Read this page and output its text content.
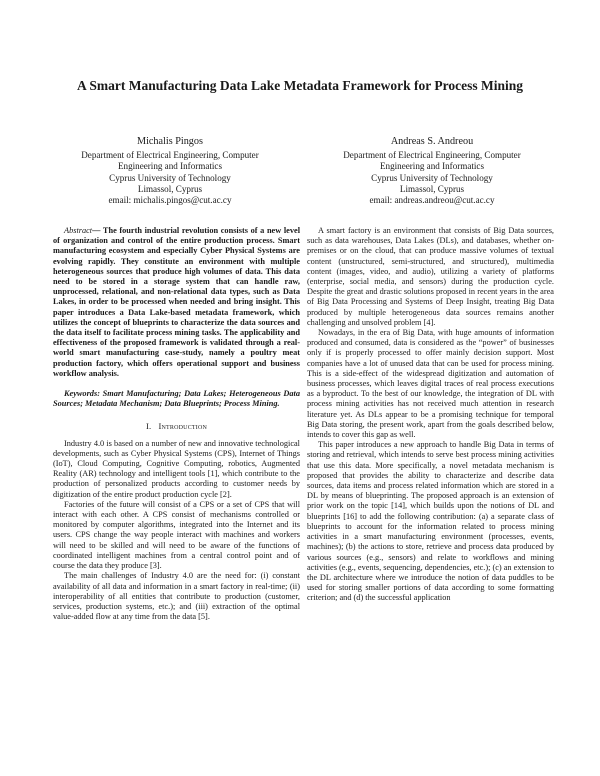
A Smart Manufacturing Data Lake Metadata Framework for Process Mining
Michalis Pingos
Department of Electrical Engineering, Computer
Engineering and Informatics
Cyprus University of Technology
Limassol, Cyprus
email: michalis.pingos@cut.ac.cy
Andreas S. Andreou
Department of Electrical Engineering, Computer
Engineering and Informatics
Cyprus University of Technology
Limassol, Cyprus
email: andreas.andreou@cut.ac.cy

Abstract— The fourth industrial revolution consists of a new level of organization and control of the entire production process. Smart manufacturing ecosystem and especially Cyber Physical Systems are evolving rapidly. They constitute an environment with multiple heterogeneous sources that produce high volumes of data. This data need to be stored in a storage system that can handle raw, unprocessed, relational, and non-relational data types, such as Data Lakes, in order to be processed when needed and bring insight. This paper introduces a Data Lake-based metadata framework, which utilizes the concept of blueprints to characterize the data sources and the data itself to facilitate process mining tasks. The applicability and effectiveness of the proposed framework is validated through a real-world smart manufacturing case-study, namely a poultry meat production factory, which offers operational support and business workflow analysis.

Keywords: Smart Manufacturing; Data Lakes; Heterogeneous Data Sources; Metadata Mechanism; Data Blueprints; Process Mining.

I. Introduction

Industry 4.0 is based on a number of new and innovative technological developments, such as Cyber Physical Systems (CPS), Internet of Things (IoT), Cloud Computing, Cognitive Computing, robotics, Augmented Reality (AR) technology and intelligent tools [1], which contribute to the production of personalized products according to customer needs by digitization of the entire product production cycle [2].

Factories of the future will consist of a CPS or a set of CPS that will interact with each other. A CPS consist of mechanisms controlled or monitored by computer algorithms, integrated into the Internet and its users. CPS change the way people interact with machines and workers will need to be skilled and will need to be aware of the functions of coordinated intelligent machines from a central control point and of course the data they produce [3].

The main challenges of Industry 4.0 are the need for: (i) constant availability of all data and information in a smart factory in real-time; (ii) interoperability of all entities that contribute to production (customer, services, production systems, etc.); and (iii) extraction of the optimal value-added flow at any time from the data [5].

A smart factory is an environment that consists of Big Data sources, such as data warehouses, Data Lakes (DLs), and databases, whether on-premises or on the cloud, that can produce massive volumes of textual content (unstructured, semi-structured, and structured), multimedia content (images, video, and audio), utilizing a variety of platforms (enterprise, social media, and sensors) during the production cycle. Despite the great and drastic solutions proposed in recent years in the area of Big Data Processing and Systems of Deep Insight, treating Big Data produced by multiple heterogeneous data sources remains another challenging and unsolved problem [4].

Nowadays, in the era of Big Data, with huge amounts of information produced and consumed, data is considered as the “power” of businesses only if is properly processed to offer mainly decision support. Most companies have a lot of unused data that can be used for process mining. This is a side-effect of the widespread digitization and automation of business processes, which leaves digital traces of real process executions as a byproduct. To the best of our knowledge, the integration of DL with process mining activities has not received much attention in research literature yet. As DLs appear to be a promising technique for temporal Big Data storing, the present work, apart from the goals described below, intends to cover this gap as well.

This paper introduces a new approach to handle Big Data in terms of storing and retrieval, which intends to serve best process mining activities that use this data. More specifically, a novel metadata mechanism is proposed that provides the ability to characterize and describe data sources, data items and process related information which are stored in a DL by means of blueprinting. The proposed approach is an extension of prior work on the topic [14], which builds upon the notions of DL and blueprints [16] to add the following contribution: (a) a separate class of blueprints to account for the information related to process mining activities in a smart manufacturing environment (processes, events, machines); (b) the actions to store, retrieve and process data produced by various sources (e.g., sensors) and relate to workflows and mining activities (e.g., events, sequencing, dependencies, etc.); (c) an extension to the DL architecture where we introduce the notion of data puddles to be used for storing smaller portions of data according to some formatting criterion; and (d) the successful application
